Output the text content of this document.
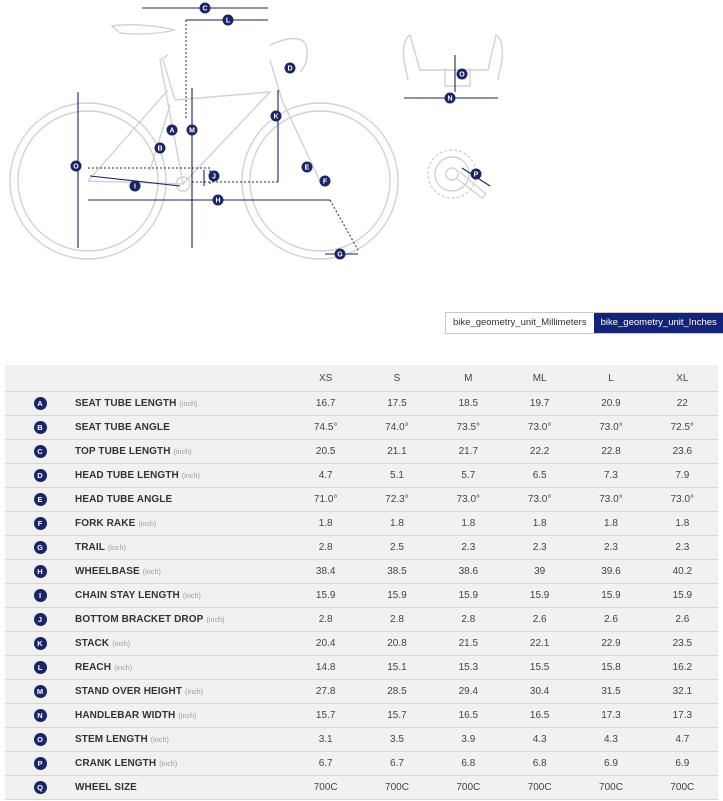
C
L
D
A M
K
B
O	E
J
F
I
H
G
O
N
P
bike_geometry_unit_Millimeters	bike_geometry_unit_Inches
		XS	S	M	ML	L	XL
A	SEAT TUBE LENGTH (inch)	16.7	17.5	18.5	19.7	20.9	22
B	SEAT TUBE ANGLE	74.5°	74.0°	73.5°	73.0°	73.0°	72.5°
C	TOP TUBE LENGTH (inch)	20.5	21.1	21.7	22.2	22.8	23.6
D	HEAD TUBE LENGTH (inch)	4.7	5.1	5.7	6.5	7.3	7.9
E	HEAD TUBE ANGLE	71.0°	72.3°	73.0°	73.0°	73.0°	73.0°
F	FORK RAKE (inch)	1.8	1.8	1.8	1.8	1.8	1.8
G	TRAIL (inch)	2.8	2.5	2.3	2.3	2.3	2.3
H	WHEELBASE (inch)	38.4	38.5	38.6	39	39.6	40.2
I	CHAIN STAY LENGTH (inch)	15.9	15.9	15.9	15.9	15.9	15.9
J	BOTTOM BRACKET DROP (inch)	2.8	2.8	2.8	2.6	2.6	2.6
K	STACK (inch)	20.4	20.8	21.5	22.1	22.9	23.5
L	REACH (inch)	14.8	15.1	15.3	15.5	15.8	16.2
M	STAND OVER HEIGHT (inch)	27.8	28.5	29.4	30.4	31.5	32.1
N	HANDLEBAR WIDTH (inch)	15.7	15.7	16.5	16.5	17.3	17.3
O	STEM LENGTH (inch)	3.1	3.5	3.9	4.3	4.3	4.7
P	CRANK LENGTH (inch)	6.7	6.7	6.8	6.8	6.9	6.9
Q	WHEEL SIZE	700C	700C	700C	700C	700C	700C
